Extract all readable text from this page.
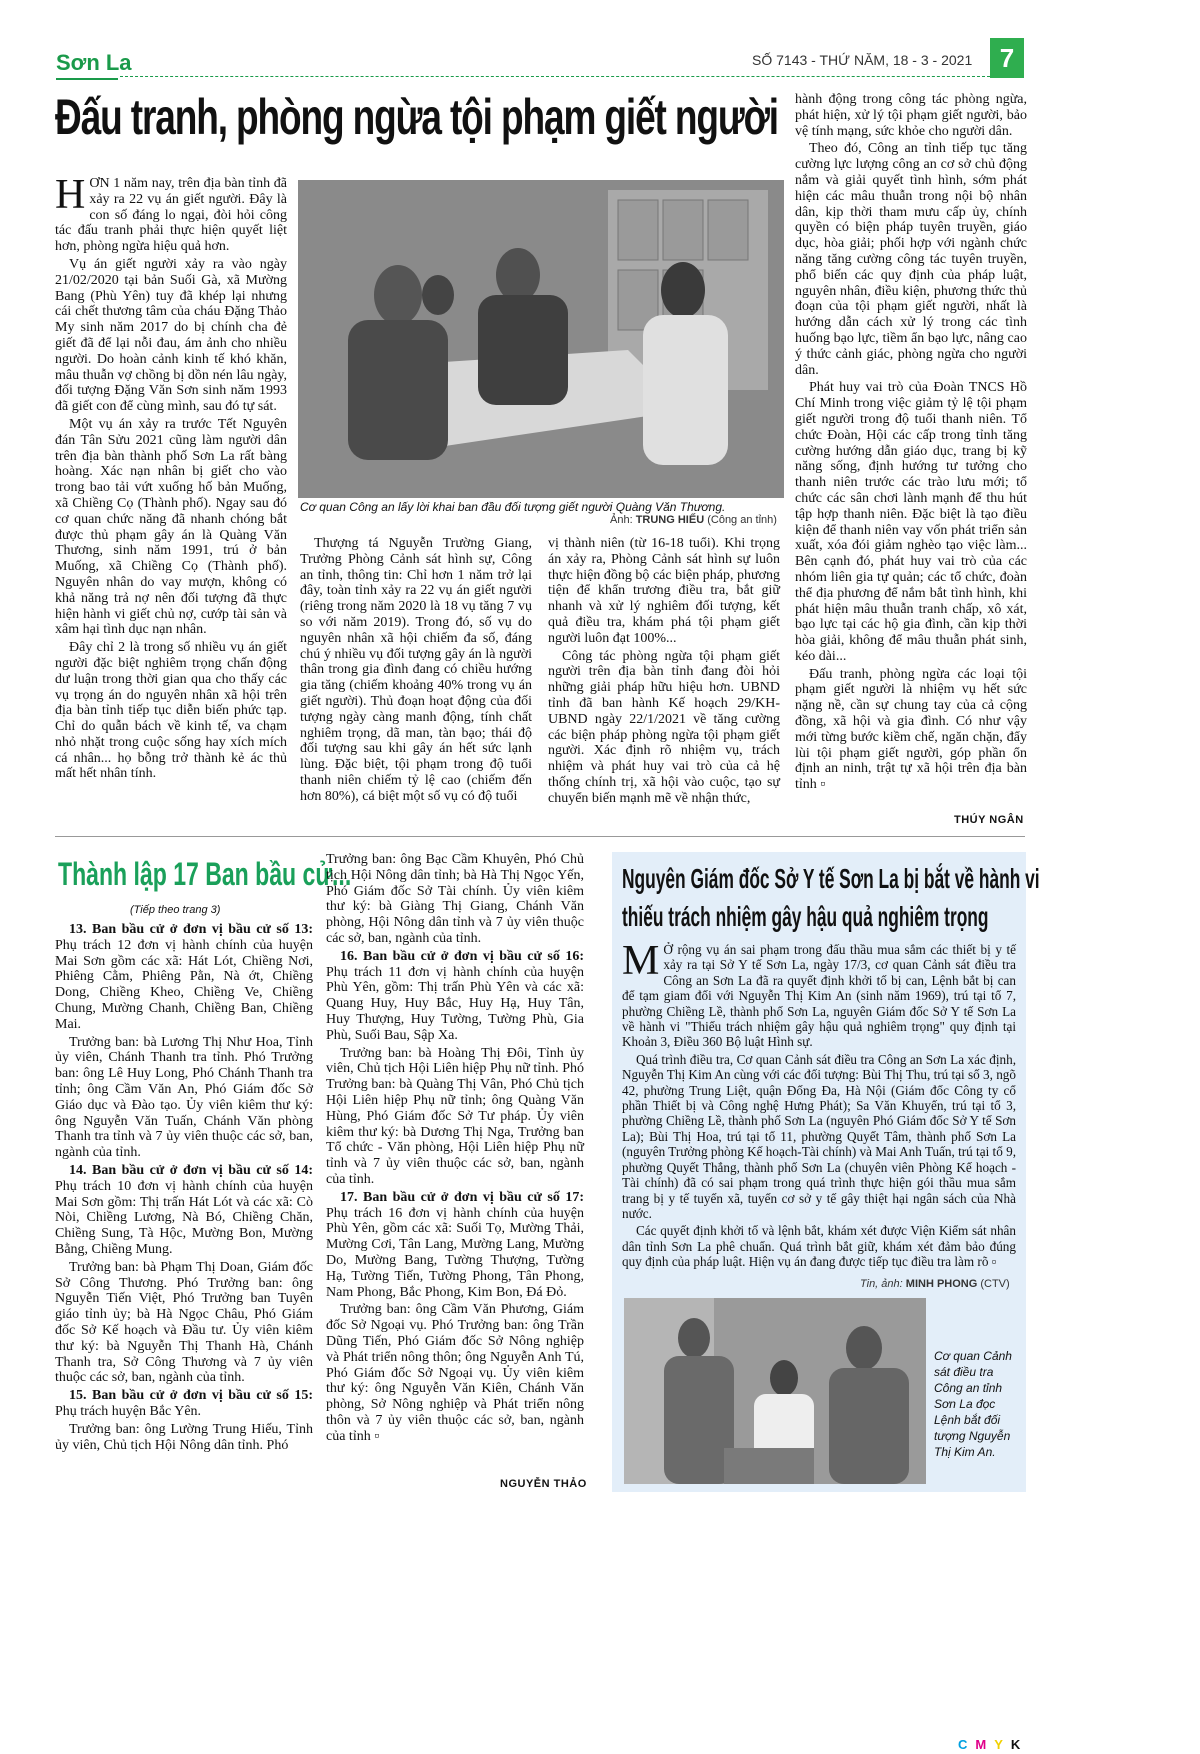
Sơn La	SỐ 7143 - THỨ NĂM, 18 - 3 - 2021	7
Đấu tranh, phòng ngừa tội phạm giết người

HƠN 1 năm nay, trên địa bàn tỉnh đã xảy ra 22 vụ án giết người. Đây là con số đáng lo ngại, đòi hỏi công tác đấu tranh phải thực hiện quyết liệt hơn, phòng ngừa hiệu quả hơn.

Vụ án giết người xảy ra vào ngày 21/02/2020 tại bản Suối Gà, xã Mường Bang (Phù Yên) tuy đã khép lại nhưng cái chết thương tâm của cháu Đặng Thảo My sinh năm 2017 do bị chính cha đẻ giết đã để lại nỗi đau, ám ảnh cho nhiều người. Do hoàn cảnh kinh tế khó khăn, mâu thuẫn vợ chồng bị dồn nén lâu ngày, đối tượng Đặng Văn Sơn sinh năm 1993 đã giết con để cùng mình, sau đó tự sát.

Một vụ án xảy ra trước Tết Nguyên đán Tân Sửu 2021 cũng làm người dân trên địa bàn thành phố Sơn La rất bàng hoàng. Xác nạn nhân bị giết cho vào trong bao tải vứt xuống hố bản Muống, xã Chiềng Cọ (Thành phố). Ngay sau đó cơ quan chức năng đã nhanh chóng bắt được thủ phạm gây án là Quàng Văn Thương, sinh năm 1991, trú ở bản Muống, xã Chiềng Cọ (Thành phố). Nguyên nhân do vay mượn, không có khả năng trả nợ nên đối tượng đã thực hiện hành vi giết chủ nợ, cướp tài sản và xâm hại tình dục nạn nhân.

Đây chỉ 2 là trong số nhiều vụ án giết người đặc biệt nghiêm trọng chấn động dư luận trong thời gian qua cho thấy các vụ trọng án do nguyên nhân xã hội trên địa bàn tỉnh tiếp tục diễn biến phức tạp. Chỉ do quẫn bách về kinh tế, va chạm nhỏ nhặt trong cuộc sống hay xích mích cá nhân... họ bỗng trở thành kẻ ác thủ mất hết nhân tính.

Cơ quan Công an lấy lời khai ban đầu đối tượng giết người Quàng Văn Thương.
Ảnh: TRUNG HIẾU (Công an tỉnh)

Thượng tá Nguyễn Trường Giang, Trưởng Phòng Cảnh sát hình sự, Công an tỉnh, thông tin: Chỉ hơn 1 năm trở lại đây, toàn tỉnh xảy ra 22 vụ án giết người (riêng trong năm 2020 là 18 vụ tăng 7 vụ so với năm 2019). Trong đó, số vụ do nguyên nhân xã hội chiếm đa số, đáng chú ý nhiều vụ đối tượng gây án là người thân trong gia đình đang có chiều hướng gia tăng (chiếm khoảng 40% trong vụ án giết người). Thủ đoạn hoạt động của đối tượng ngày càng manh động, tính chất nghiêm trọng, dã man, tàn bạo; thái độ đối tượng sau khi gây án hết sức lạnh lùng. Đặc biệt, tội phạm trong độ tuổi thanh niên chiếm tỷ lệ cao (chiếm đến hơn 80%), cá biệt một số vụ có độ tuổi

vị thành niên (từ 16-18 tuổi). Khi trọng án xảy ra, Phòng Cảnh sát hình sự luôn thực hiện đồng bộ các biện pháp, phương tiện để khẩn trương điều tra, bắt giữ nhanh và xử lý nghiêm đối tượng, kết quả điều tra, khám phá tội phạm giết người luôn đạt 100%...

Công tác phòng ngừa tội phạm giết người trên địa bàn tỉnh đang đòi hỏi những giải pháp hữu hiệu hơn. UBND tỉnh đã ban hành Kế hoạch 29/KH-UBND ngày 22/1/2021 về tăng cường các biện pháp phòng ngừa tội phạm giết người. Xác định rõ nhiệm vụ, trách nhiệm và phát huy vai trò của cả hệ thống chính trị, xã hội vào cuộc, tạo sự chuyển biến mạnh mẽ về nhận thức,

hành động trong công tác phòng ngừa, phát hiện, xử lý tội phạm giết người, bảo vệ tính mạng, sức khỏe cho người dân.

Theo đó, Công an tỉnh tiếp tục tăng cường lực lượng công an cơ sở chủ động nắm và giải quyết tình hình, sớm phát hiện các mâu thuẫn trong nội bộ nhân dân, kịp thời tham mưu cấp ủy, chính quyền có biện pháp tuyên truyền, giáo dục, hòa giải; phối hợp với ngành chức năng tăng cường công tác tuyên truyền, phổ biến các quy định của pháp luật, nguyên nhân, điều kiện, phương thức thủ đoạn của tội phạm giết người, nhất là hướng dẫn cách xử lý trong các tình huống bạo lực, tiềm ẩn bạo lực, nâng cao ý thức cảnh giác, phòng ngừa cho người dân.

Phát huy vai trò của Đoàn TNCS Hồ Chí Minh trong việc giảm tỷ lệ tội phạm giết người trong độ tuổi thanh niên. Tổ chức Đoàn, Hội các cấp trong tỉnh tăng cường hướng dẫn giáo dục, trang bị kỹ năng sống, định hướng tư tưởng cho thanh niên trước các trào lưu mới; tổ chức các sân chơi lành mạnh để thu hút tập hợp thanh niên. Đặc biệt là tạo điều kiện để thanh niên vay vốn phát triển sản xuất, xóa đói giảm nghèo tạo việc làm... Bên cạnh đó, phát huy vai trò của các nhóm liên gia tự quản; các tổ chức, đoàn thể địa phương để nắm bắt tình hình, khi phát hiện mâu thuẫn tranh chấp, xô xát, bạo lực tại các hộ gia đình, cần kịp thời hòa giải, không để mâu thuẫn phát sinh, kéo dài...

Đấu tranh, phòng ngừa các loại tội phạm giết người là nhiệm vụ hết sức nặng nề, cần sự chung tay của cả cộng đồng, xã hội và gia đình. Có như vậy mới từng bước kiềm chế, ngăn chặn, đẩy lùi tội phạm giết người, góp phần ổn định an ninh, trật tự xã hội trên địa bàn tỉnh ▫

THÚY NGÂN
Thành lập 17 Ban bầu cử...
(Tiếp theo trang 3)

13. Ban bầu cử ở đơn vị bầu cử số 13: Phụ trách 12 đơn vị hành chính của huyện Mai Sơn gồm các xã: Hát Lót, Chiềng Nơi, Phiêng Cằm, Phiêng Pằn, Nà ớt, Chiềng Dong, Chiềng Kheo, Chiềng Ve, Chiềng Chung, Mường Chanh, Chiềng Ban, Chiềng Mai.

Trưởng ban: bà Lương Thị Như Hoa, Tỉnh ủy viên, Chánh Thanh tra tỉnh. Phó Trưởng ban: ông Lê Huy Long, Phó Chánh Thanh tra tỉnh; ông Cầm Văn An, Phó Giám đốc Sở Giáo dục và Đào tạo. Ủy viên kiêm thư ký: ông Nguyễn Văn Tuấn, Chánh Văn phòng Thanh tra tỉnh và 7 ủy viên thuộc các sở, ban, ngành của tỉnh.

14. Ban bầu cử ở đơn vị bầu cử số 14: Phụ trách 10 đơn vị hành chính của huyện Mai Sơn gồm: Thị trấn Hát Lót và các xã: Cò Nòi, Chiềng Lương, Nà Bó, Chiềng Chăn, Chiềng Sung, Tà Hộc, Mường Bon, Mường Bằng, Chiềng Mung.

Trưởng ban: bà Phạm Thị Doan, Giám đốc Sở Công Thương. Phó Trưởng ban: ông Nguyễn Tiến Việt, Phó Trưởng ban Tuyên giáo tỉnh ủy; bà Hà Ngọc Châu, Phó Giám đốc Sở Kế hoạch và Đầu tư. Ủy viên kiêm thư ký: bà Nguyễn Thị Thanh Hà, Chánh Thanh tra, Sở Công Thương và 7 ủy viên thuộc các sở, ban, ngành của tỉnh.

15. Ban bầu cử ở đơn vị bầu cử số 15: Phụ trách huyện Bắc Yên.

Trưởng ban: ông Lường Trung Hiếu, Tỉnh ủy viên, Chủ tịch Hội Nông dân tỉnh. Phó

Trưởng ban: ông Bạc Cầm Khuyên, Phó Chủ tịch Hội Nông dân tỉnh; bà Hà Thị Ngọc Yến, Phó Giám đốc Sở Tài chính. Ủy viên kiêm thư ký: bà Giàng Thị Giang, Chánh Văn phòng, Hội Nông dân tỉnh và 7 ủy viên thuộc các sở, ban, ngành của tỉnh.

16. Ban bầu cử ở đơn vị bầu cử số 16: Phụ trách 11 đơn vị hành chính của huyện Phù Yên, gồm: Thị trấn Phù Yên và các xã: Quang Huy, Huy Bắc, Huy Hạ, Huy Tân, Huy Thượng, Huy Tường, Tường Phù, Gia Phù, Suối Bau, Sập Xa.

Trưởng ban: bà Hoàng Thị Đôi, Tỉnh ủy viên, Chủ tịch Hội Liên hiệp Phụ nữ tỉnh. Phó Trưởng ban: bà Quàng Thị Vân, Phó Chủ tịch Hội Liên hiệp Phụ nữ tỉnh; ông Quàng Văn Hùng, Phó Giám đốc Sở Tư pháp. Ủy viên kiêm thư ký: bà Dương Thị Nga, Trưởng ban Tổ chức - Văn phòng, Hội Liên hiệp Phụ nữ tỉnh và 7 ủy viên thuộc các sở, ban, ngành của tỉnh.

17. Ban bầu cử ở đơn vị bầu cử số 17: Phụ trách 16 đơn vị hành chính của huyện Phù Yên, gồm các xã: Suối Tọ, Mường Thải, Mường Cơi, Tân Lang, Mường Lang, Mường Do, Mường Bang, Tường Thượng, Tường Hạ, Tường Tiến, Tường Phong, Tân Phong, Nam Phong, Bắc Phong, Kim Bon, Đá Đỏ.

Trưởng ban: ông Cầm Văn Phương, Giám đốc Sở Ngoại vụ. Phó Trưởng ban: ông Trần Dũng Tiến, Phó Giám đốc Sở Nông nghiệp và Phát triển nông thôn; ông Nguyễn Anh Tú, Phó Giám đốc Sở Ngoại vụ. Ủy viên kiêm thư ký: ông Nguyễn Văn Kiên, Chánh Văn phòng, Sở Nông nghiệp và Phát triển nông thôn và 7 ủy viên thuộc các sở, ban, ngành của tỉnh ▫

NGUYỄN THẢO
Nguyên Giám đốc Sở Y tế Sơn La bị bắt về hành vi
thiếu trách nhiệm gây hậu quả nghiêm trọng

M Ở rộng vụ án sai phạm trong đấu thầu mua sắm các thiết bị y tế xảy ra tại Sở Y tế Sơn La, ngày 17/3, cơ quan Cảnh sát điều tra Công an Sơn La đã ra quyết định khởi tố bị can, Lệnh bắt bị can để tạm giam đối với Nguyễn Thị Kim An (sinh năm 1969), trú tại tổ 7, phường Chiềng Lề, thành phố Sơn La, nguyên Giám đốc Sở Y tế Sơn La về hành vi "Thiếu trách nhiệm gây hậu quả nghiêm trọng" quy định tại Khoản 3, Điều 360 Bộ luật Hình sự.

Quá trình điều tra, Cơ quan Cảnh sát điều tra Công an Sơn La xác định, Nguyễn Thị Kim An cùng với các đối tượng: Bùi Thị Thu, trú tại số 3, ngõ 42, phường Trung Liệt, quận Đống Đa, Hà Nội (Giám đốc Công ty cổ phần Thiết bị và Công nghệ Hưng Phát); Sa Văn Khuyến, trú tại tổ 3, phường Chiềng Lề, thành phố Sơn La (nguyên Phó Giám đốc Sở Y tế Sơn La); Bùi Thị Hoa, trú tại tổ 11, phường Quyết Tâm, thành phố Sơn La (nguyên Trưởng phòng Kế hoạch-Tài chính) và Mai Anh Tuấn, trú tại tổ 9, phường Quyết Thắng, thành phố Sơn La (chuyên viên Phòng Kế hoạch - Tài chính) đã có sai phạm trong quá trình thực hiện gói thầu mua sắm trang bị y tế tuyến xã, tuyến cơ sở y tế gây thiệt hại ngân sách của Nhà nước.

Các quyết định khởi tố và lệnh bắt, khám xét được Viện Kiểm sát nhân dân tỉnh Sơn La phê chuẩn. Quá trình bắt giữ, khám xét đảm bảo đúng quy định của pháp luật. Hiện vụ án đang được tiếp tục điều tra làm rõ ▫

Tin, ảnh: MINH PHONG (CTV)
Cơ quan Cảnh sát điều tra Công an tỉnh Sơn La đọc Lệnh bắt đối tượng Nguyễn Thị Kim An.
C M Y K
